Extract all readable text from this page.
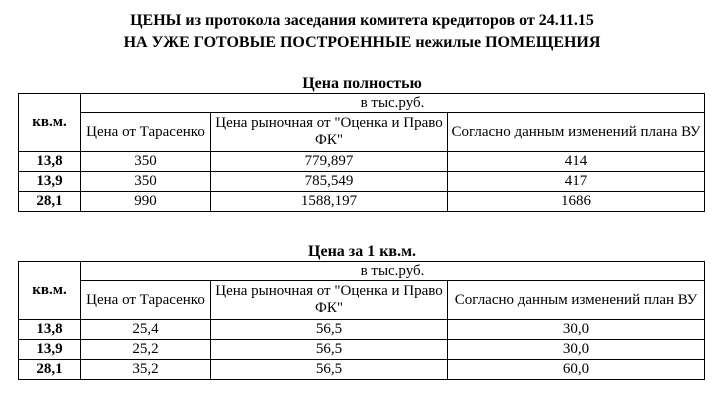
ЦЕНЫ из протокола заседания комитета кредиторов от 24.11.15
НА УЖЕ ГОТОВЫЕ ПОСТРОЕННЫЕ нежилые ПОМЕЩЕНИЯ
Цена полностью
кв.м.	в тыс.руб.		
	Цена от Тарасенко	Цена рыночная от "Оценка и Право ФК"	Согласно данным изменений плана ВУ
13,8	350	779,897	414
13,9	350	785,549	417
28,1	990	1588,197	1686
Цена за 1 кв.м.
кв.м.	в тыс.руб.		
	Цена от Тарасенко	Цена рыночная от "Оценка и Право ФК"	Согласно данным изменений план ВУ
13,8	25,4	56,5	30,0
13,9	25,2	56,5	30,0
28,1	35,2	56,5	60,0
